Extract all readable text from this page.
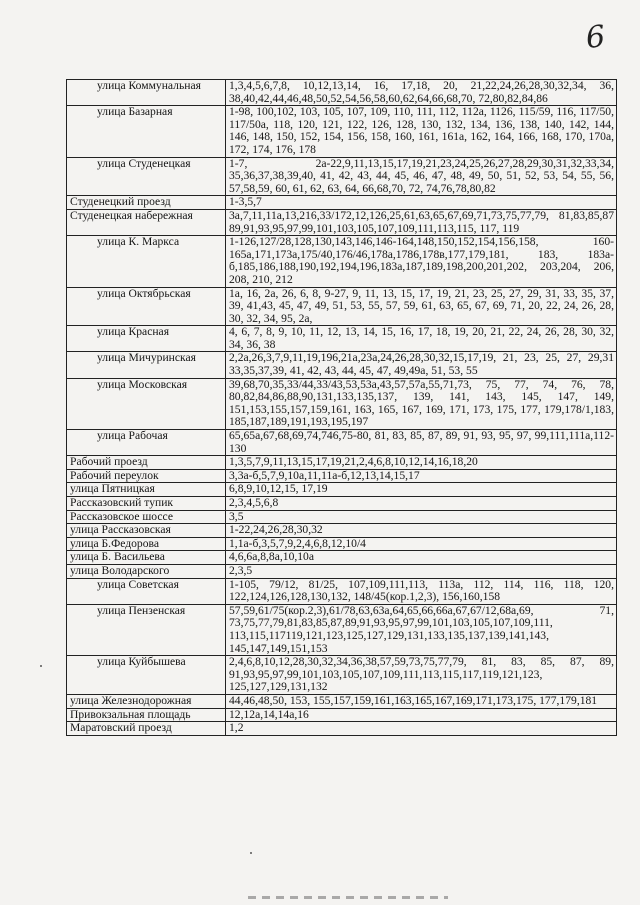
6
улица Коммунальная	1,3,4,5,6,7,8, 10,12,13,14, 16, 17,18, 20, 21,22,24,26,28,30,32,34, 36, 38,40,42,44,46,48,50,52,54,56,58,60,62,64,66,68,70, 72,80,82,84,86
улица Базарная	1-98, 100,102, 103, 105, 107, 109, 110, 111, 112, 112а, 1126, 115/59, 116, 117/50, 117/50а, 118, 120, 121, 122, 126, 128, 130, 132, 134, 136, 138, 140, 142, 144, 146, 148, 150, 152, 154, 156, 158, 160, 161, 161а, 162, 164, 166, 168, 170, 170а, 172, 174, 176, 178
улица Студенецкая	1-7, 2а-22,9,11,13,15,17,19,21,23,24,25,26,27,28,29,30,31,32,33,34, 35,36,37,38,39,40, 41, 42, 43, 44, 45, 46, 47, 48, 49, 50, 51, 52, 53, 54, 55, 56, 57,58,59, 60, 61, 62, 63, 64, 66,68,70, 72, 74,76,78,80,82
Студенецкий проезд	1-3,5,7
Студенецкая набережная	3а,7,11,11а,13,216,33/172,12,126,25,61,63,65,67,69,71,73,75,77,79, 81,83,85,87 89,91,93,95,97,99,101,103,105,107,109,111,113,115, 117, 119
улица К. Маркса	1-126,127/28,128,130,143,146,146-164,148,150,152,154,156,158, 160-165а,171,173а,175/40,176/46,178а,1786,178в,177,179,181, 183, 183а-б,185,186,188,190,192,194,196,183а,187,189,198,200,201,202, 203,204, 206, 208, 210, 212
улица Октябрьская	1а, 16, 2а, 26, 6, 8, 9-27, 9, 11, 13, 15, 17, 19, 21, 23, 25, 27, 29, 31, 33, 35, 37, 39, 41,43, 45, 47, 49, 51, 53, 55, 57, 59, 61, 63, 65, 67, 69, 71, 20, 22, 24, 26, 28, 30, 32, 34, 95, 2а,
улица Красная	4, 6, 7, 8, 9, 10, 11, 12, 13, 14, 15, 16, 17, 18, 19, 20, 21, 22, 24, 26, 28, 30, 32, 34, 36, 38
улица Мичуринская	2,2а,26,3,7,9,11,19,196,21а,23а,24,26,28,30,32,15,17,19, 21, 23, 25, 27, 29,31 33,35,37,39, 41, 42, 43, 44, 45, 47, 49,49а, 51, 53, 55
улица Московская	39,68,70,35,33/44,33/43,53,53а,43,57,57а,55,71,73, 75, 77, 74, 76, 78, 80,82,84,86,88,90,131,133,135,137, 139, 141, 143, 145, 147, 149, 151,153,155,157,159,161, 163, 165, 167, 169, 171, 173, 175, 177, 179,178/1,183, 185,187,189,191,193,195,197
улица Рабочая	65,65а,67,68,69,74,746,75-80, 81, 83, 85, 87, 89, 91, 93, 95, 97, 99,111,111а,112-130
Рабочий проезд	1,3,5,7,9,11,13,15,17,19,21,2,4,6,8,10,12,14,16,18,20
Рабочий переулок	3,3а-б,5,7,9,10а,11,11а-б,12,13,14,15,17
улица Пятницкая	6,8,9,10,12,15, 17,19
Рассказовский тупик	2,3,4,5,6,8
Рассказовское шоссе	3,5
улица Рассказовская	1-22,24,26,28,30,32
улица Б.Федорова	1,1а-б,3,5,7,9,2,4,6,8,12,10/4
улица Б. Васильева	4,6,6а,8,8а,10,10а
улица Володарского	2,3,5
улица Советская	1-105, 79/12, 81/25, 107,109,111,113, 113а, 112, 114, 116, 118, 120, 122,124,126,128,130,132, 148/45(кор.1,2,3), 156,160,158
улица Пензенская	57,59,61/75(кор.2,3),61/78,63,63а,64,65,66,66а,67,67/12,68а,69, 71, 73,75,77,79,81,83,85,87,89,91,93,95,97,99,101,103,105,107,109,111, 113,115,117119,121,123,125,127,129,131,133,135,137,139,141,143, 145,147,149,151,153
улица Куйбышева	2,4,6,8,10,12,28,30,32,34,36,38,57,59,73,75,77,79, 81, 83, 85, 87, 89, 91,93,95,97,99,101,103,105,107,109,111,113,115,117,119,121,123, 125,127,129,131,132
улица Железнодорожная	44,46,48,50, 153, 155,157,159,161,163,165,167,169,171,173,175, 177,179,181
Привокзальная площадь	12,12а,14,14а,16
Маратовский проезд	1,2
